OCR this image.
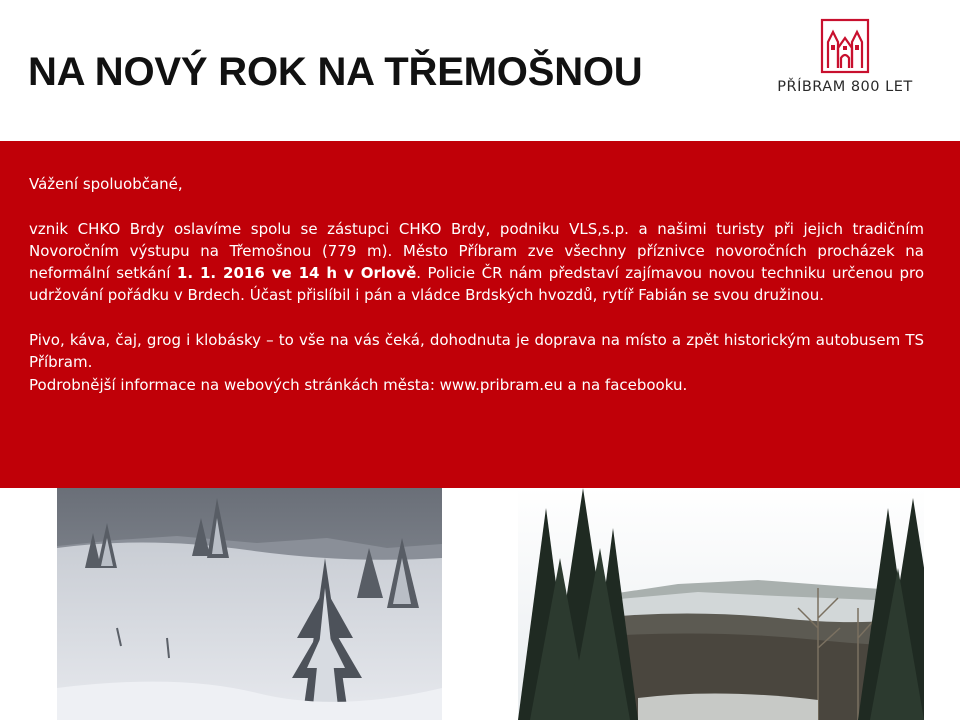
NA NOVÝ ROK NA TŘEMOŠNOU	PŘÍBRAM 800 LET

Vážení spoluobčané,

vznik CHKO Brdy oslavíme spolu se zástupci CHKO Brdy, podniku VLS,s.p. a našimi turisty při jejich tradičním Novoročním výstupu na Třemošnou (779 m). Město Příbram zve všechny příznivce novoročních procházek na neformální setkání 1. 1. 2016 ve 14 h v Orlově. Policie ČR nám představí zajímavou novou techniku určenou pro udržování pořádku v Brdech. Účast přislíbil i pán a vládce Brdských hvozdů, rytíř Fabián se svou družinou.

Pivo, káva, čaj, grog i klobásky – to vše na vás čeká, dohodnuta je doprava na místo a zpět historickým autobusem TS Příbram.

Podrobnější informace na webových stránkách města: www.pribram.eu a na facebooku.
